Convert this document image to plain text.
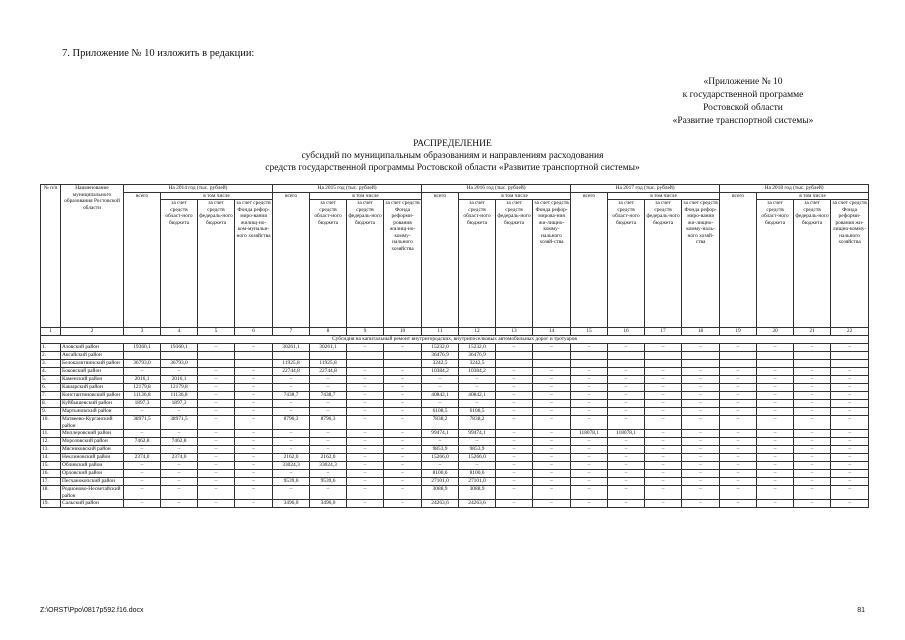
7. Приложение № 10 изложить в редакции:
«Приложение № 10
к государственной программе
Ростовской области
«Развитие транспортной системы»
РАСПРЕДЕЛЕНИЕ
субсидий по муниципальным образованиям и направлениям расходования
средств государственной программы Ростовской области «Развитие транспортной системы»
№ п/п	Наименование муниципального образования Ростовской области	На 2014 год (тыс. рублей)				На 2015 год (тыс. рублей)				На 2016 год (тыс. рублей)				На 2017 год (тыс. рублей)				На 2018 год (тыс. рублей)			
		всего	в том числе			всего	в том числе			всего	в том числе			всего	в том числе			всего	в том числе		
			за счет средств област-ного бюджета	за счет средств федераль-ного бюджета	за счет средств Фонда рефор-миро-вания жилищ-но-ком-мунальн-ного хозяйства		за счет средств област-ного бюджета	за счет средств федераль-ного бюджета	за счет средств Фонда реформи-рования жилищ-но-комму-нального хозяйства		за счет средств област-ного бюджета	за счет средств федераль-ного бюджета	за счет средств Фонда рефор-мирова-ния жи-лищно-комму-нального хозяй-ства		за счет средств област-ного бюджета	за счет средств федераль-ного бюджета	за счет средств Фонда рефор-миро-вания жи-лищно-комму-наль-ного хозяй-ства		за счет средств област-ного бюджета	за счет средств федераль-ного бюджета	за счет средств Фонда реформи-рования жи-лищно-комму-нального хозяйства
1	2	3	4	5	6	7	8	9	10	11	12	13	14	15	16	17	18	19	20	21	22
Субсидия на капитальный ремонт внутригородских, внутрипоселковых автомобильных дорог и тротуаров																					
1.	Азовский район	19360,1	19360,1	–	–	30261,1	30261,1	–	–	15232,0	15232,0	–	–	–	–	–	–	–	–	–	–
2.	Аксайский район									36476,9	36476,9										
3.	Белокалитвинский район	36793,0	36793,0			11925,8	11925,8			3242,5	3242,5										
4.	Боковский район	–	–	–	–	22744,8	22744,8	–	–	10384,2	10384,2	–	–	–	–	–	–	–	–	–	–
5.	Каменский район	2016,1	2016,1	–	–	–	–	–	–	–	–	–	–	–	–	–	–	–	–	–	–
6.	Кашарский район	12179,8	12179,8	–	–	–	–	–	–	–	–	–	–	–	–	–	–	–	–	–	–
7.	Константиновский район	11136,8	11136,8	–	–	7438,7	7438,7	–	–	40842,1	40842,1	–	–	–	–	–	–	–	–	–	–
8.	Куйбышевский район	1897,3	1897,3	–	–	–	–	–	–	–	–	–	–	–	–	–	–	–	–	–	–
9.	Мартыновский район	–	–	–	–	–	–	–	–	6108,5	6108,5	–	–	–	–	–	–	–	–	–	–
10.	Матвеево-Курганский район	38971,5	38971,5	–	–	8796,3	8796,3	–	–	7838,2	7838,2	–	–	–	–	–	–	–	–	–	–
11.	Миллеровский район	–	–	–	–	–	–	–	–	99474,1	99474,1	–	–	118078,1	118078,1	–	–	–	–	–	–
12.	Морозовский район	7462,8	7462,8	–	–	–	–	–	–	–	–	–	–	–	–	–	–	–	–	–	–
13.	Мясниковский район	–	–	–	–	–	–	–	–	9853,9	9853,9	–	–	–	–	–	–	–	–	–	–
14.	Неклиновский район	2374,0	2374,0	–	–	2162,0	2162,0	–	–	15266,0	15266,0	–	–	–	–	–	–	–	–	–	–
15.	Обливский район	–	–	–	–	33024,3	33024,3	–	–	–	–	–	–	–	–	–	–	–	–	–	–
16.	Орловский район	–	–	–	–	–	–	–	–	8100,6	8100,6	–	–	–	–	–	–	–	–	–	–
17.	Песчанокопский район	–	–	–	–	9539,6	9539,6	–	–	27101,0	27101,0	–	–	–	–	–	–	–	–	–	–
18.	Родионово-Несветайский район	–	–	–	–	–	–	–	–	3088,9	3088,9	–	–	–	–	–	–	–	–	–	–
19.	Сальский район	–	–	–	–	3496,0	3496,0	–	–	24263,6	24263,6	–	–	–	–	–	–	–	–	–	–
Z:\ORST\Ppo\0817p592.f16.docx	81
